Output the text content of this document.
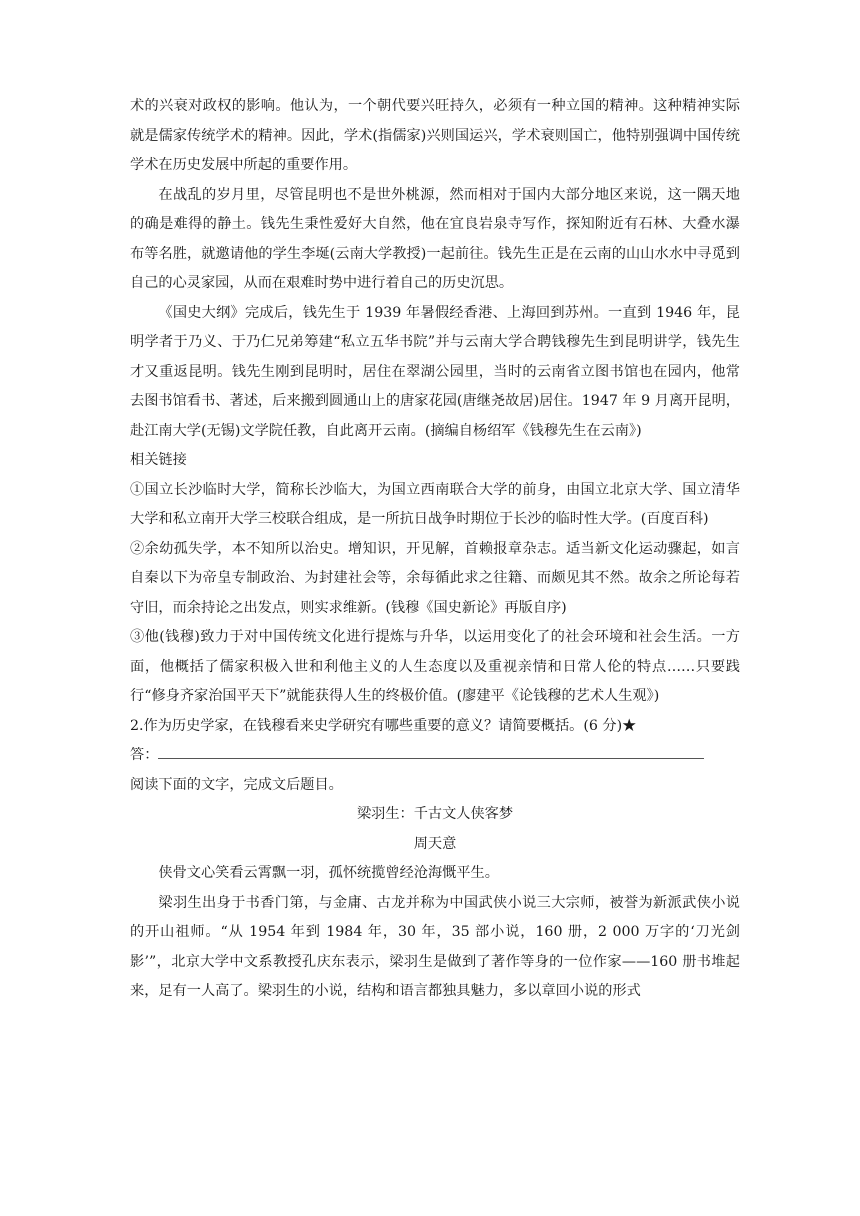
术的兴衰对政权的影响。他认为，一个朝代要兴旺持久，必须有一种立国的精神。这种精神实际就是儒家传统学术的精神。因此，学术(指儒家)兴则国运兴，学术衰则国亡，他特别强调中国传统学术在历史发展中所起的重要作用。

在战乱的岁月里，尽管昆明也不是世外桃源，然而相对于国内大部分地区来说，这一隅天地的确是难得的静土。钱先生秉性爱好大自然，他在宜良岩泉寺写作，探知附近有石林、大叠水瀑布等名胜，就邀请他的学生李埏(云南大学教授)一起前往。钱先生正是在云南的山山水水中寻觅到自己的心灵家园，从而在艰难时势中进行着自己的历史沉思。

《国史大纲》完成后，钱先生于 1939 年暑假经香港、上海回到苏州。一直到 1946 年，昆明学者于乃义、于乃仁兄弟筹建“私立五华书院”并与云南大学合聘钱穆先生到昆明讲学，钱先生才又重返昆明。钱先生刚到昆明时，居住在翠湖公园里，当时的云南省立图书馆也在园内，他常去图书馆看书、著述，后来搬到圆通山上的唐家花园(唐继尧故居)居住。1947 年 9 月离开昆明，赴江南大学(无锡)文学院任教，自此离开云南。(摘编自杨绍军《钱穆先生在云南》)

相关链接

①国立长沙临时大学，简称长沙临大，为国立西南联合大学的前身，由国立北京大学、国立清华大学和私立南开大学三校联合组成，是一所抗日战争时期位于长沙的临时性大学。(百度百科)

②余幼孤失学，本不知所以治史。增知识，开见解，首赖报章杂志。适当新文化运动骤起，如言自秦以下为帝皇专制政治、为封建社会等，余每循此求之往籍、而颇见其不然。故余之所论每若守旧，而余持论之出发点，则实求维新。(钱穆《国史新论》再版自序)

③他(钱穆)致力于对中国传统文化进行提炼与升华，以运用变化了的社会环境和社会生活。一方面，他概括了儒家积极入世和利他主义的人生态度以及重视亲情和日常人伦的特点……只要践行“修身齐家治国平天下”就能获得人生的终极价值。(廖建平《论钱穆的艺术人生观》)

2.作为历史学家，在钱穆看来史学研究有哪些重要的意义？请简要概括。(6 分)★

答：

阅读下面的文字，完成文后题目。

梁羽生：千古文人侠客梦

周天意

侠骨文心笑看云霄飘一羽，孤怀统揽曾经沧海慨平生。

梁羽生出身于书香门第，与金庸、古龙并称为中国武侠小说三大宗师，被誉为新派武侠小说的开山祖师。“从 1954 年到 1984 年，30 年，35 部小说，160 册，2 000 万字的‘刀光剑影’”，北京大学中文系教授孔庆东表示，梁羽生是做到了著作等身的一位作家——160 册书堆起来，足有一人高了。梁羽生的小说，结构和语言都独具魅力，多以章回小说的形式
